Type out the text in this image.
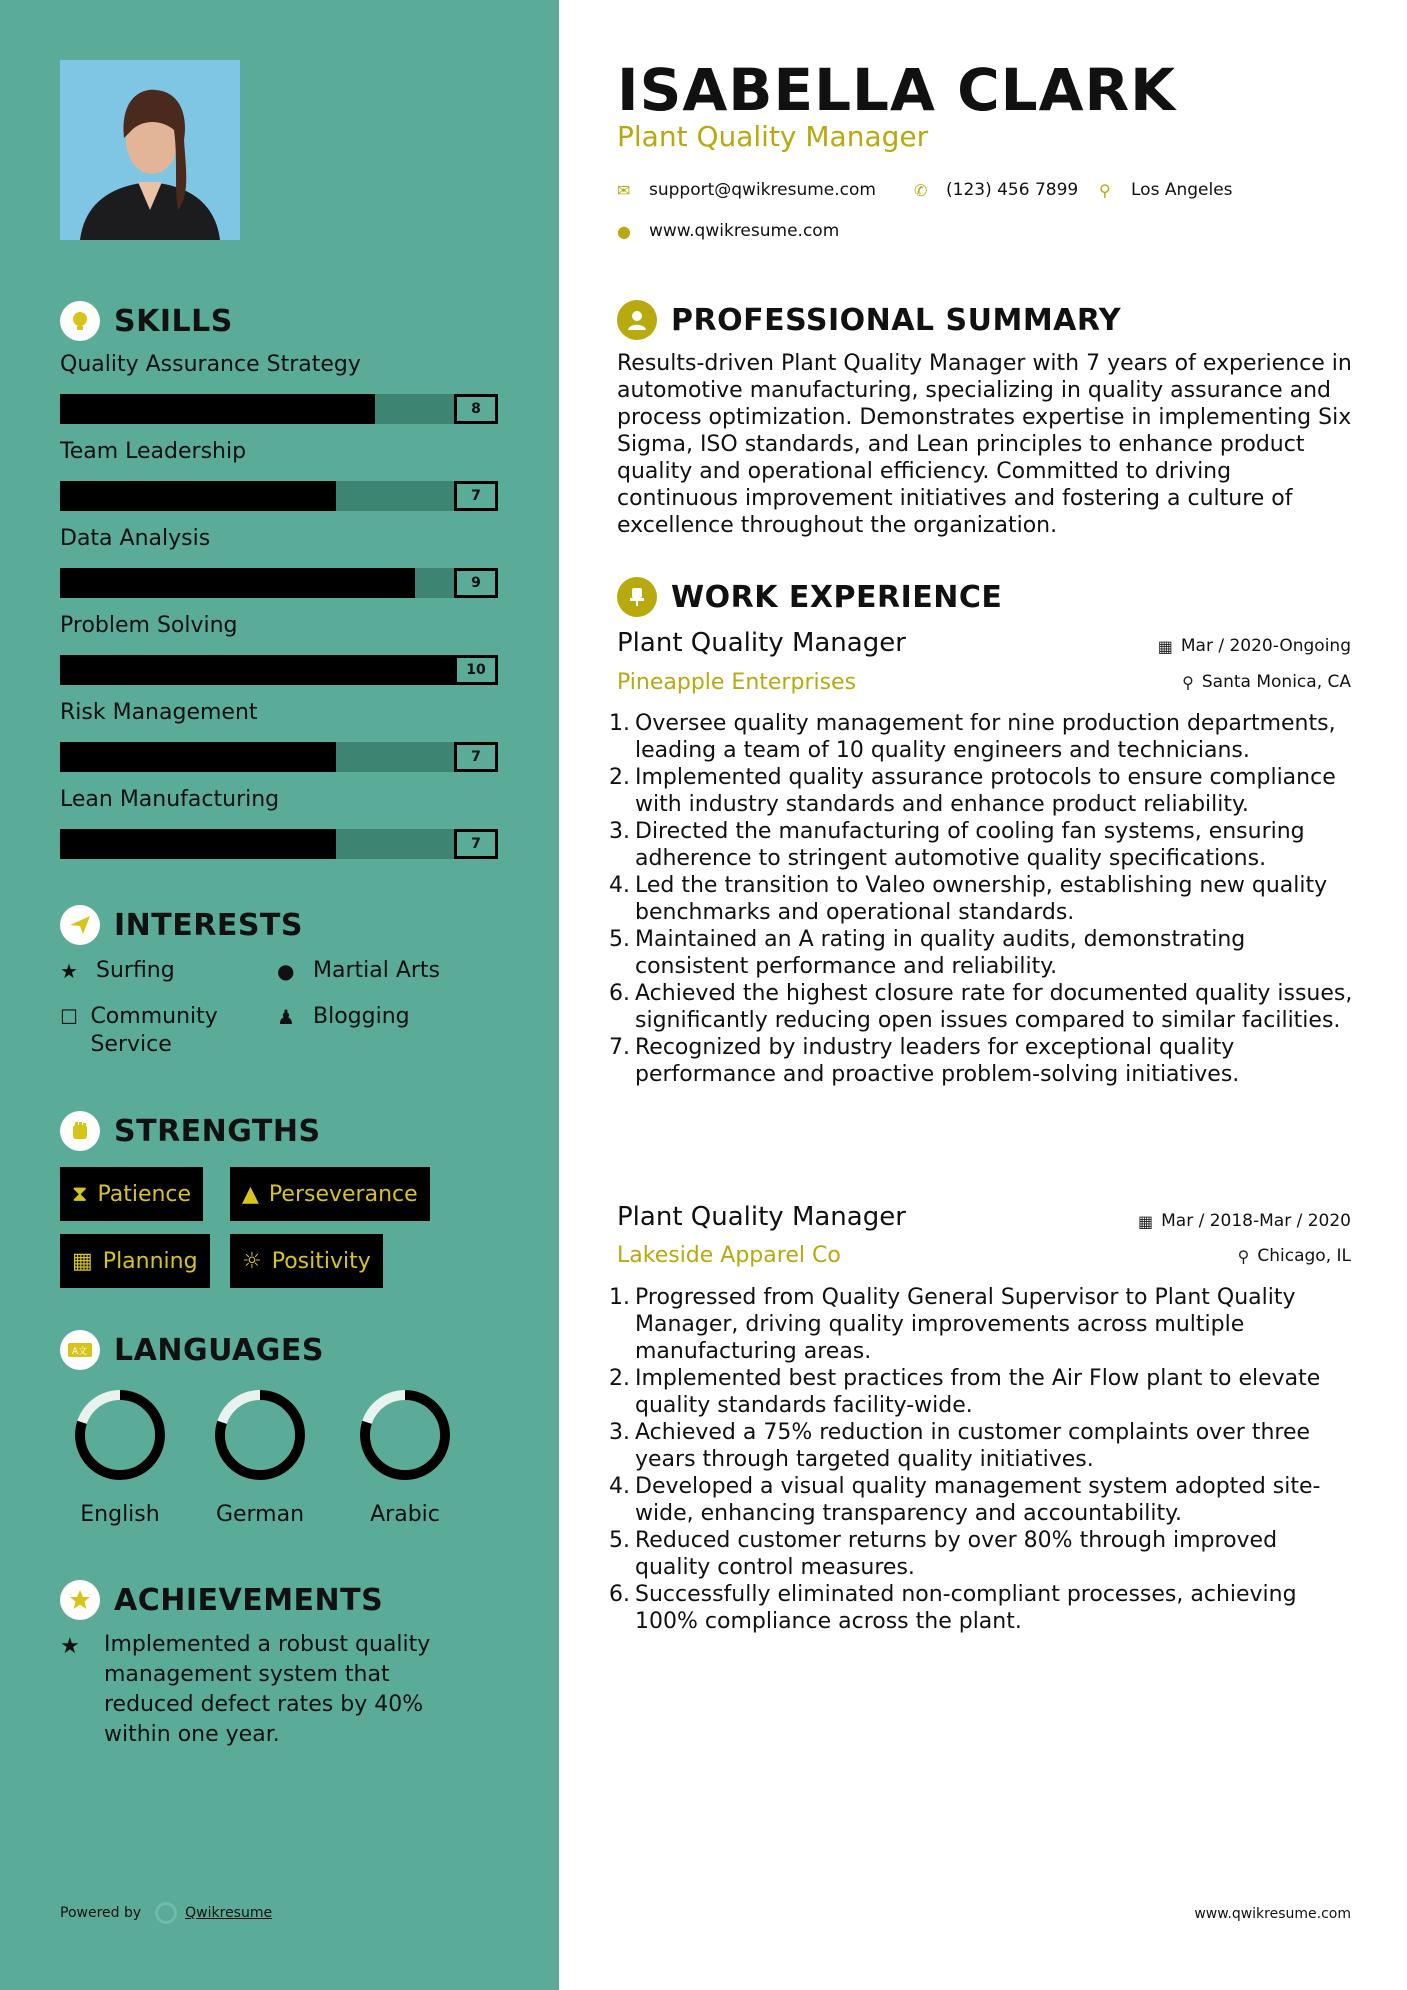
SKILLS
Quality Assurance Strategy
8
Team Leadership
7
Data Analysis
9
Problem Solving
10
Risk Management
7
Lean Manufacturing
7
INTERESTS
★ Surfing	● Martial Arts
☐ Community Service
♟ Blogging
STRENGTHS
⧗ Patience ▲ Perseverance
▦ Planning ☼ Positivity
A文 LANGUAGES
English	German	Arabic
ACHIEVEMENTS
★ Implemented a robust quality management system that reduced defect rates by 40% within one year.
Powered by	Qwikresume
ISABELLA CLARK
Plant Quality Manager
✉ support@qwikresume.com ✆ (123) 456 7899 ⚲	Los Angeles
● www.qwikresume.com
PROFESSIONAL SUMMARY
Results-driven Plant Quality Manager with 7 years of experience in automotive manufacturing, specializing in quality assurance and process optimization. Demonstrates expertise in implementing Six Sigma, ISO standards, and Lean principles to enhance product quality and operational efficiency. Committed to driving continuous improvement initiatives and fostering a culture of excellence throughout the organization.
WORK EXPERIENCE
Plant Quality Manager	▦ Mar / 2020-Ongoing
Pineapple Enterprises	⚲ Santa Monica, CA
1. Oversee quality management for nine production departments, leading a team of 10 quality engineers and technicians.
2. Implemented quality assurance protocols to ensure compliance with industry standards and enhance product reliability.
3. Directed the manufacturing of cooling fan systems, ensuring adherence to stringent automotive quality specifications.
4. Led the transition to Valeo ownership, establishing new quality benchmarks and operational standards.
5. Maintained an A rating in quality audits, demonstrating consistent performance and reliability.
6. Achieved the highest closure rate for documented quality issues, significantly reducing open issues compared to similar facilities.
7. Recognized by industry leaders for exceptional quality performance and proactive problem-solving initiatives.
Plant Quality Manager	▦ Mar / 2018-Mar / 2020
Lakeside Apparel Co	⚲ Chicago, IL
1. Progressed from Quality General Supervisor to Plant Quality Manager, driving quality improvements across multiple manufacturing areas.
2. Implemented best practices from the Air Flow plant to elevate quality standards facility-wide.
3. Achieved a 75% reduction in customer complaints over three years through targeted quality initiatives.
4. Developed a visual quality management system adopted site-wide, enhancing transparency and accountability.
5. Reduced customer returns by over 80% through improved quality control measures.
6. Successfully eliminated non-compliant processes, achieving 100% compliance across the plant.
www.qwikresume.com
